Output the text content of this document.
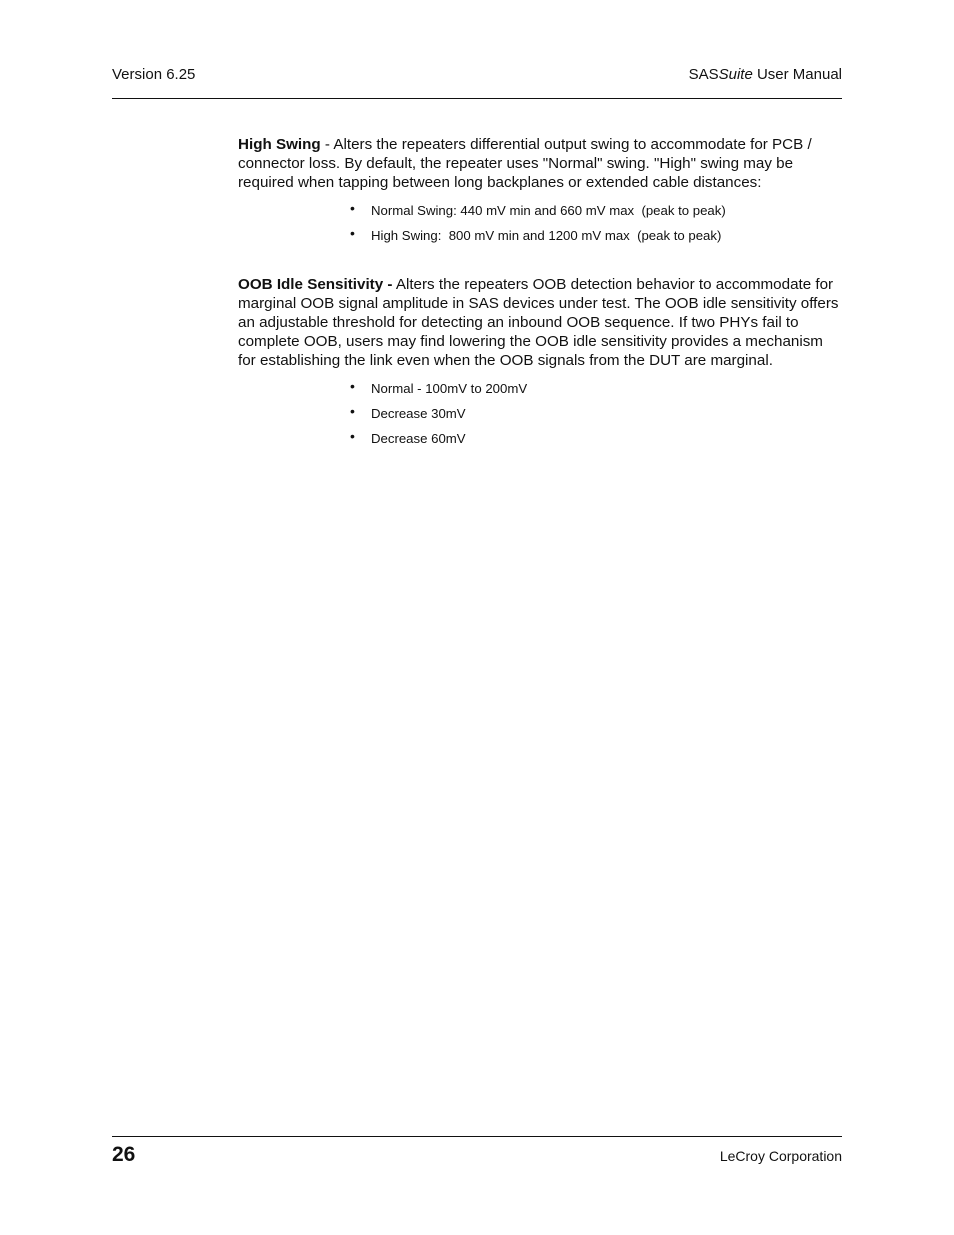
Version 6.25	SASSuite User Manual

High Swing - Alters the repeaters differential output swing to accommodate for PCB / connector loss. By default, the repeater uses "Normal" swing. "High" swing may be required when tapping between long backplanes or extended cable distances:

• Normal Swing: 440 mV min and 660 mV max  (peak to peak)
• High Swing:  800 mV min and 1200 mV max  (peak to peak)

OOB Idle Sensitivity - Alters the repeaters OOB detection behavior to accommodate for marginal OOB signal amplitude in SAS devices under test. The OOB idle sensitivity offers an adjustable threshold for detecting an inbound OOB sequence. If two PHYs fail to complete OOB, users may find lowering the OOB idle sensitivity provides a mechanism for establishing the link even when the OOB signals from the DUT are marginal.

• Normal - 100mV to 200mV
• Decrease 30mV
• Decrease 60mV
26	LeCroy Corporation
